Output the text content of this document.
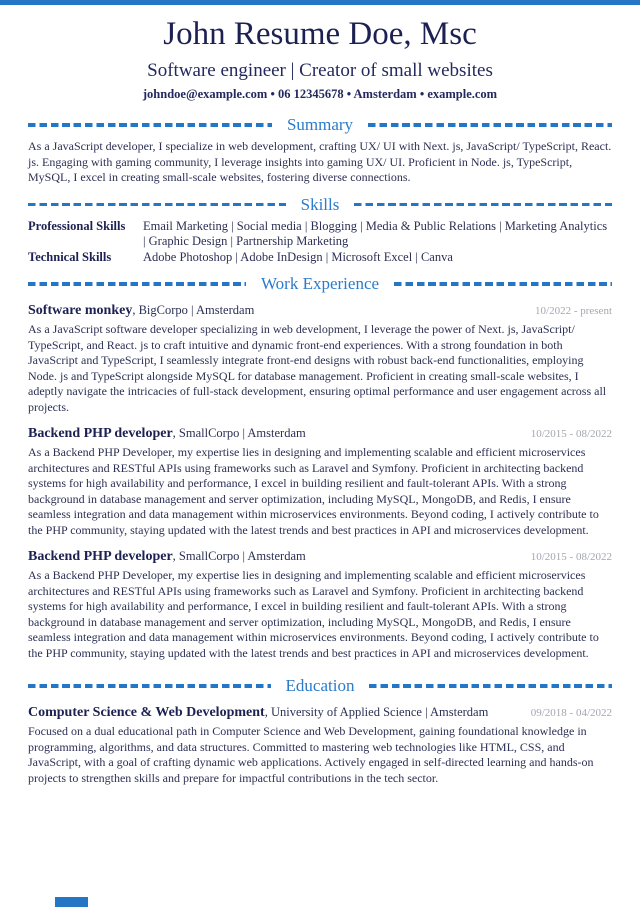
John Resume Doe, Msc
Software engineer | Creator of small websites
johndoe@example.com • 06 12345678 • Amsterdam • example.com
Summary

As a JavaScript developer, I specialize in web development, crafting UX/ UI with Next. js, JavaScript/ TypeScript, React. js. Engaging with gaming community, I leverage insights into gaming UX/ UI. Proficient in Node. js, TypeScript, MySQL, I excel in creating small-scale websites, fostering diverse connections.

Skills
Professional Skills	Email Marketing | Social media | Blogging | Media & Public Relations | Marketing Analytics | Graphic Design | Partnership Marketing
Technical Skills	Adobe Photoshop | Adobe InDesign | Microsoft Excel | Canva
Work Experience
Software monkey, BigCorpo | Amsterdam	10/2022 - present

As a JavaScript software developer specializing in web development, I leverage the power of Next. js, JavaScript/ TypeScript, and React. js to craft intuitive and dynamic front-end experiences. With a strong foundation in both JavaScript and TypeScript, I seamlessly integrate front-end designs with robust back-end functionalities, employing Node. js and TypeScript alongside MySQL for database management. Proficient in creating small-scale websites, I adeptly navigate the intricacies of full-stack development, ensuring optimal performance and user engagement across all projects.

Backend PHP developer, SmallCorpo | Amsterdam	10/2015 - 08/2022

As a Backend PHP Developer, my expertise lies in designing and implementing scalable and efficient microservices architectures and RESTful APIs using frameworks such as Laravel and Symfony. Proficient in architecting backend systems for high availability and performance, I excel in building resilient and fault-tolerant APIs. With a strong background in database management and server optimization, including MySQL, MongoDB, and Redis, I ensure seamless integration and data management within microservices environments. Beyond coding, I actively contribute to the PHP community, staying updated with the latest trends and best practices in API and microservices development.

Backend PHP developer, SmallCorpo | Amsterdam	10/2015 - 08/2022

As a Backend PHP Developer, my expertise lies in designing and implementing scalable and efficient microservices architectures and RESTful APIs using frameworks such as Laravel and Symfony. Proficient in architecting backend systems for high availability and performance, I excel in building resilient and fault-tolerant APIs. With a strong background in database management and server optimization, including MySQL, MongoDB, and Redis, I ensure seamless integration and data management within microservices environments. Beyond coding, I actively contribute to the PHP community, staying updated with the latest trends and best practices in API and microservices development.

Education
Computer Science & Web Development, University of Applied Science | Amsterdam	09/2018 - 04/2022

Focused on a dual educational path in Computer Science and Web Development, gaining foundational knowledge in programming, algorithms, and data structures. Committed to mastering web technologies like HTML, CSS, and JavaScript, with a goal of crafting dynamic web applications. Actively engaged in self-directed learning and hands-on projects to strengthen skills and prepare for impactful contributions in the tech sector.
